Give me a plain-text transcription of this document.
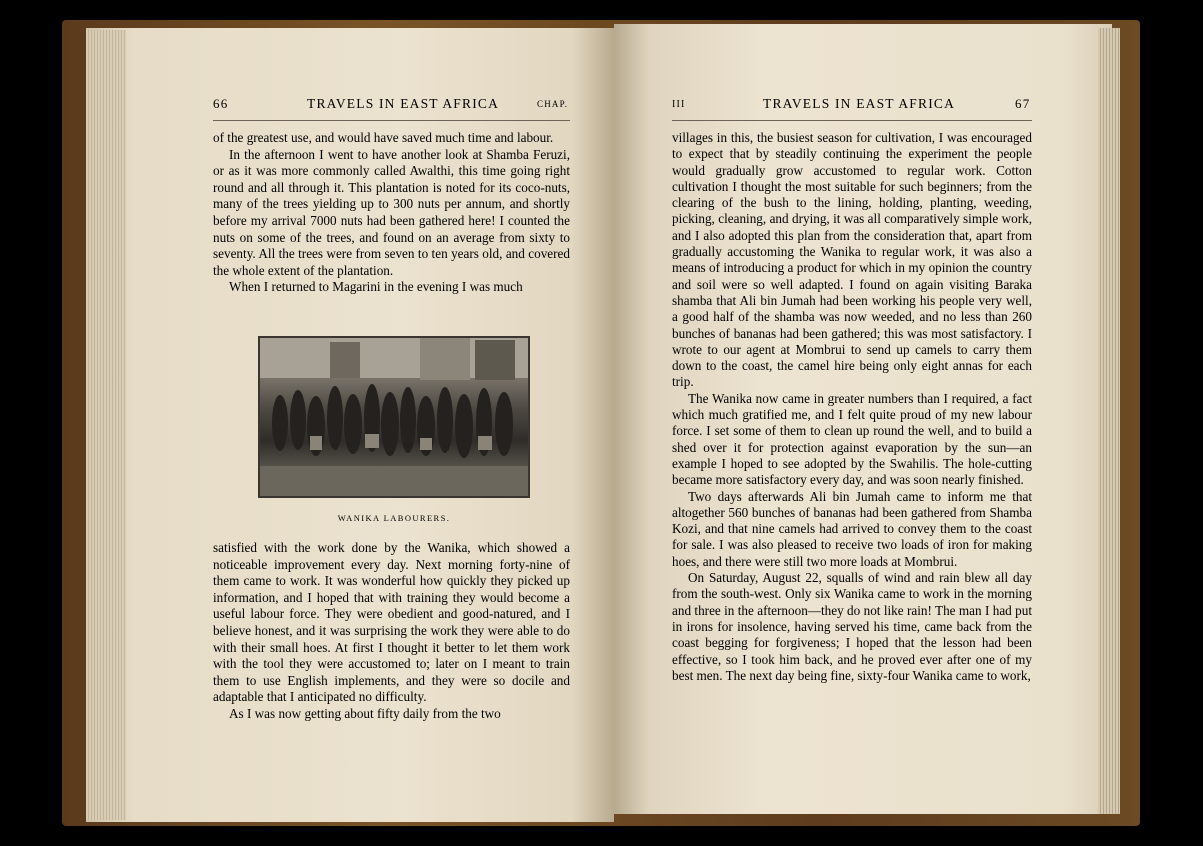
66	TRAVELS IN EAST AFRICA	CHAP.

of the greatest use, and would have saved much time and labour.

In the afternoon I went to have another look at Shamba Feruzi, or as it was more commonly called Awalthi, this time going right round and all through it. This plantation is noted for its coco-nuts, many of the trees yielding up to 300 nuts per annum, and shortly before my arrival 7000 nuts had been gathered here! I counted the nuts on some of the trees, and found on an average from sixty to seventy. All the trees were from seven to ten years old, and covered the whole extent of the plantation.

When I returned to Magarini in the evening I was much

WANIKA LABOURERS.

satisfied with the work done by the Wanika, which showed a noticeable improvement every day. Next morning forty-nine of them came to work. It was wonderful how quickly they picked up information, and I hoped that with training they would become a useful labour force. They were obedient and good-natured, and I believe honest, and it was surprising the work they were able to do with their small hoes. At first I thought it better to let them work with the tool they were accustomed to; later on I meant to train them to use English implements, and they were so docile and adaptable that I anticipated no difficulty.

As I was now getting about fifty daily from the two

III	TRAVELS IN EAST AFRICA	67

villages in this, the busiest season for cultivation, I was encouraged to expect that by steadily continuing the experiment the people would gradually grow accustomed to regular work. Cotton cultivation I thought the most suitable for such beginners; from the clearing of the bush to the lining, holding, planting, weeding, picking, cleaning, and drying, it was all comparatively simple work, and I also adopted this plan from the consideration that, apart from gradually accustoming the Wanika to regular work, it was also a means of introducing a product for which in my opinion the country and soil were so well adapted. I found on again visiting Baraka shamba that Ali bin Jumah had been working his people very well, a good half of the shamba was now weeded, and no less than 260 bunches of bananas had been gathered; this was most satisfactory. I wrote to our agent at Mombrui to send up camels to carry them down to the coast, the camel hire being only eight annas for each trip.

The Wanika now came in greater numbers than I required, a fact which much gratified me, and I felt quite proud of my new labour force. I set some of them to clean up round the well, and to build a shed over it for protection against evaporation by the sun—an example I hoped to see adopted by the Swahilis. The hole-cutting became more satisfactory every day, and was soon nearly finished.

Two days afterwards Ali bin Jumah came to inform me that altogether 560 bunches of bananas had been gathered from Shamba Kozi, and that nine camels had arrived to convey them to the coast for sale. I was also pleased to receive two loads of iron for making hoes, and there were still two more loads at Mombrui.

On Saturday, August 22, squalls of wind and rain blew all day from the south-west. Only six Wanika came to work in the morning and three in the afternoon—they do not like rain! The man I had put in irons for insolence, having served his time, came back from the coast begging for forgiveness; I hoped that the lesson had been effective, so I took him back, and he proved ever after one of my best men. The next day being fine, sixty-four Wanika came to work,
